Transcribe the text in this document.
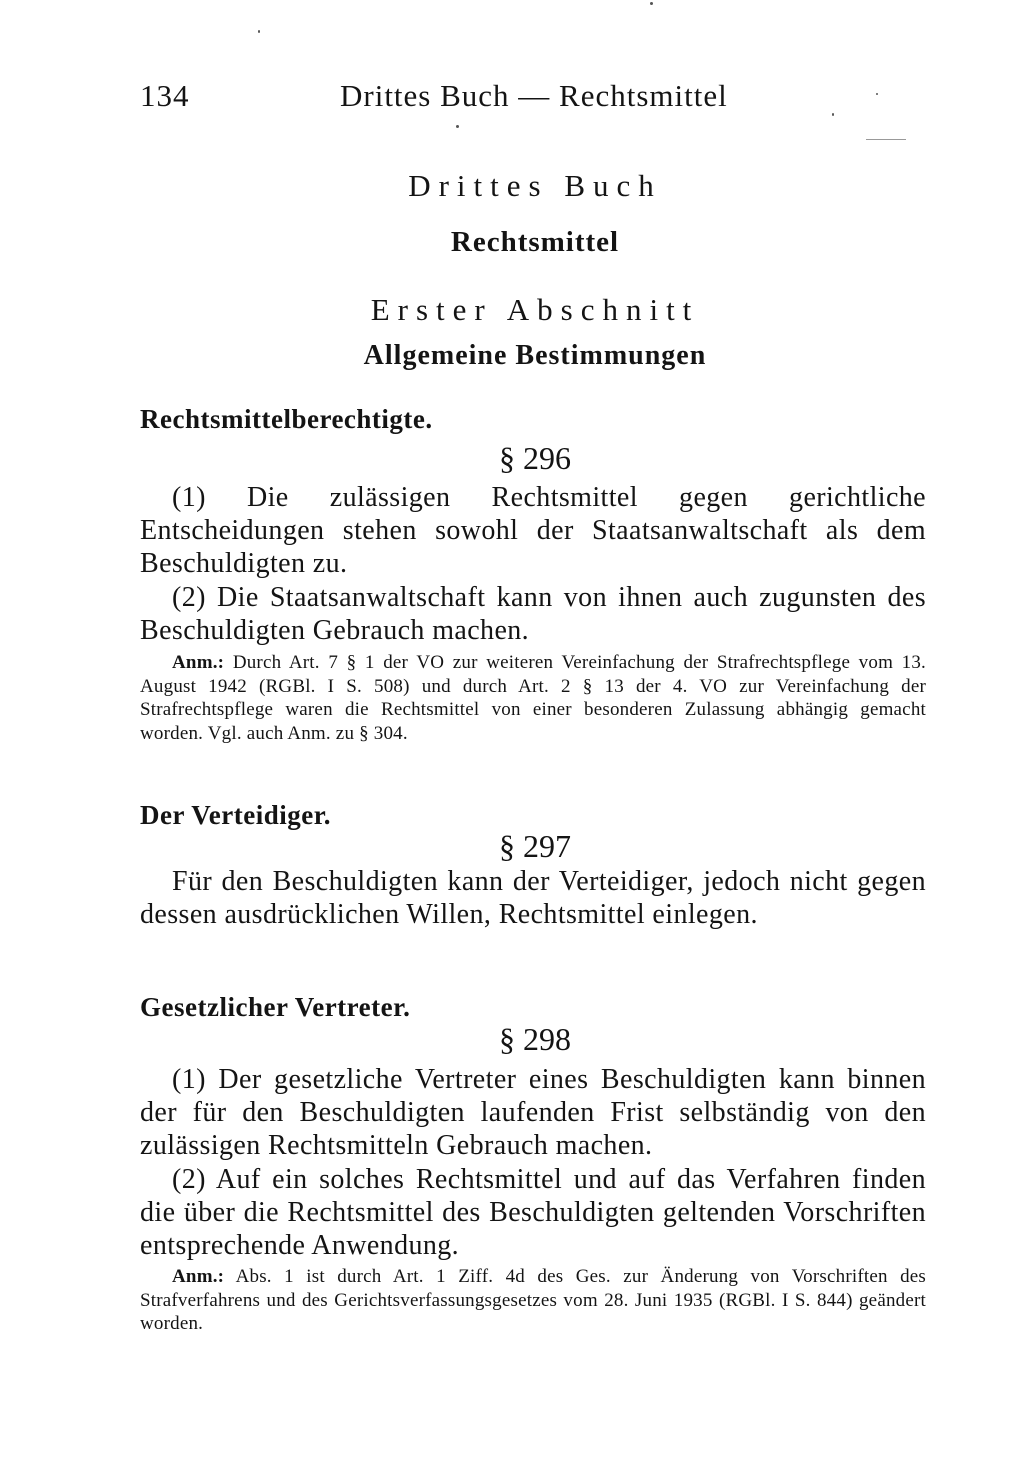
134	Drittes Buch — Rechtsmittel
Drittes Buch
Rechtsmittel
Erster Abschnitt
Allgemeine Bestimmungen
Rechtsmittelberechtigte.
§ 296

(1) Die zulässigen Rechtsmittel gegen gerichtliche Entscheidungen stehen sowohl der Staatsanwaltschaft als dem Beschuldigten zu.

(2) Die Staatsanwaltschaft kann von ihnen auch zugunsten des Beschuldigten Gebrauch machen.

Anm.: Durch Art. 7 § 1 der VO zur weiteren Vereinfachung der Strafrechtspflege vom 13. August 1942 (RGBl. I S. 508) und durch Art. 2 § 13 der 4. VO zur Vereinfachung der Strafrechtspflege waren die Rechtsmittel von einer besonderen Zulassung abhängig gemacht worden. Vgl. auch Anm. zu § 304.

Der Verteidiger.
§ 297

Für den Beschuldigten kann der Verteidiger, jedoch nicht gegen dessen ausdrücklichen Willen, Rechtsmittel einlegen.

Gesetzlicher Vertreter.
§ 298

(1) Der gesetzliche Vertreter eines Beschuldigten kann binnen der für den Beschuldigten laufenden Frist selbständig von den zulässigen Rechtsmitteln Gebrauch machen.

(2) Auf ein solches Rechtsmittel und auf das Verfahren finden die über die Rechtsmittel des Beschuldigten geltenden Vorschriften entsprechende Anwendung.

Anm.: Abs. 1 ist durch Art. 1 Ziff. 4d des Ges. zur Änderung von Vorschriften des Strafverfahrens und des Gerichtsverfassungsgesetzes vom 28. Juni 1935 (RGBl. I S. 844) geändert worden.
